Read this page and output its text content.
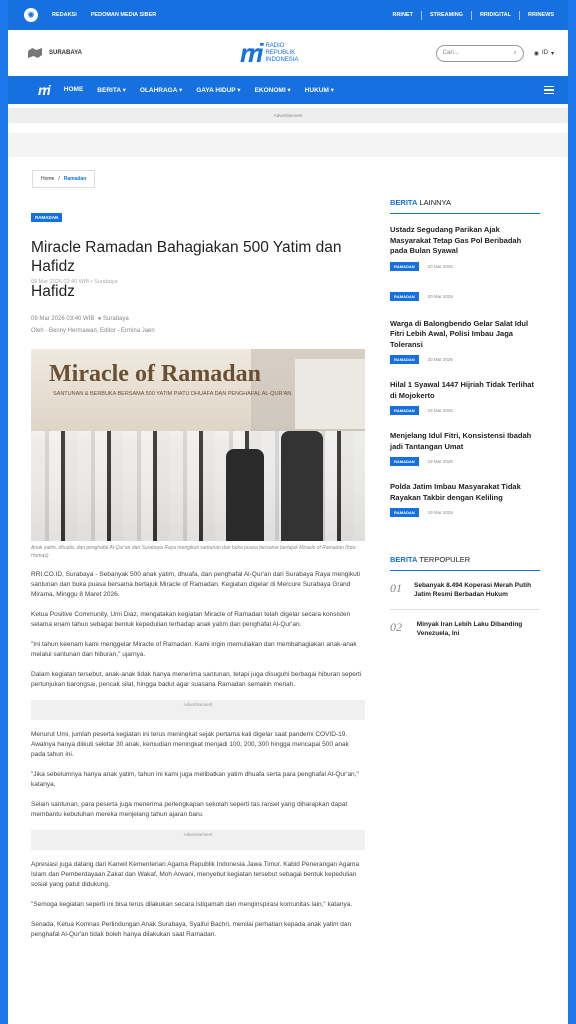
✺	REDAKSI	PEDOMAN MEDIA SIBER	RRINET	STREAMING	RRIDIGITAL	RRINEWS
SURABAYA	rri RADIO
REPUBLIK
INDONESIA
Cari...	⌕	◉ ID ▾
rri HOME BERITA ▾ OLAHRAGA ▾ GAYA HIDUP ▾ EKONOMI ▾ HUKUM ▾
Advertisement
Home / Ramadan
RAMADAN
Miracle Ramadan Bahagiakan 500 Yatim dan Hafidz
09 Mar 2026 03:40 WIB • Surabaya
Hafidz
09 Mar 2026 03:40 WIB ● Surabaya
Oleh - Benny Hermawan, Editor - Ermina Jaen
Miracle of Ramadan
SANTUNAN & BERBUKA BERSAMA 500 YATIM PIATU DHUAFA DAN PENGHAFAL AL-QUR'AN
Anak yatim, dhuafa, dan penghafal Al-Qur'an dari Surabaya Raya mengikuti santunan dan buka puasa bersama bertajuk Miracle of Ramadan (foto: Humas)

RRI.CO.ID, Surabaya - Sebanyak 500 anak yatim, dhuafa, dan penghafal Al-Qur'an dari Surabaya Raya mengikuti santunan dan buka puasa bersama bertajuk Miracle of Ramadan. Kegiatan digelar di Mercure Surabaya Grand Mirama, Minggu 8 Maret 2026.

Ketua Positive Community, Umi Diaz, mengatakan kegiatan Miracle of Ramadan telah digelar secara konsisten selama enam tahun sebagai bentuk kepedulian terhadap anak yatim dan penghafal Al-Qur'an.

"Ini tahun keenam kami menggelar Miracle of Ramadan. Kami ingin memuliakan dan membahagiakan anak-anak melalui santunan dan hiburan," ujarnya.

Dalam kegiatan tersebut, anak-anak tidak hanya menerima santunan, tetapi juga disuguhi berbagai hiburan seperti pertunjukan barongsai, pencak silat, hingga badut agar suasana Ramadan semakin meriah.

Advertisement

Menurut Umi, jumlah peserta kegiatan ini terus meningkat sejak pertama kali digelar saat pandemi COVID-19. Awalnya hanya diikuti sekitar 30 anak, kemudian meningkat menjadi 100, 200, 300 hingga mencapai 500 anak pada tahun ini.

"Jika sebelumnya hanya anak yatim, tahun ini kami juga melibatkan yatim dhuafa serta para penghafal Al-Qur'an," katanya.

Selain santunan, para peserta juga menerima perlengkapan sekolah seperti tas ransel yang diharapkan dapat membantu kebutuhan mereka menjelang tahun ajaran baru.

Advertisement

Apresiasi juga datang dari Kanwil Kementerian Agama Republik Indonesia Jawa Timur. Kabid Penerangan Agama Islam dan Pemberdayaan Zakat dan Wakaf, Moh Arwani, menyebut kegiatan tersebut sebagai bentuk kepedulian sosial yang patut didukung.

"Semoga kegiatan seperti ini bisa terus dilakukan secara istiqamah dan menginspirasi komunitas lain," katanya.

Senada, Ketua Komnas Perlindungan Anak Surabaya, Syaiful Bachri, menilai perhatian kepada anak yatim dan penghafal Al-Qur'an tidak boleh hanya dilakukan saat Ramadan.

BERITA LAINNYA
Ustadz Segudang Parikan Ajak Masyarakat Tetap Gas Pol Beribadah pada Bulan Syawal
RAMADAN	20 Mar 2026
RAMADAN	20 Mar 2026
Warga di Balongbendo Gelar Salat Idul Fitri Lebih Awal, Polisi Imbau Jaga Toleransi
RAMADAN	20 Mar 2026
Hilal 1 Syawal 1447 Hijriah Tidak Terlihat di Mojokerto
RAMADAN	19 Mar 2026
Menjelang Idul Fitri, Konsistensi Ibadah jadi Tantangan Umat
RAMADAN	19 Mar 2026
Polda Jatim Imbau Masyarakat Tidak Rayakan Takbir dengan Keliling
RAMADAN	19 Mar 2026
BERITA TERPOPULER
01 Sebanyak 8.494 Koperasi Merah Putih Jatim Resmi Berbadan Hukum
02	Minyak Iran Lebih Laku Dibanding Venezuela, Ini
